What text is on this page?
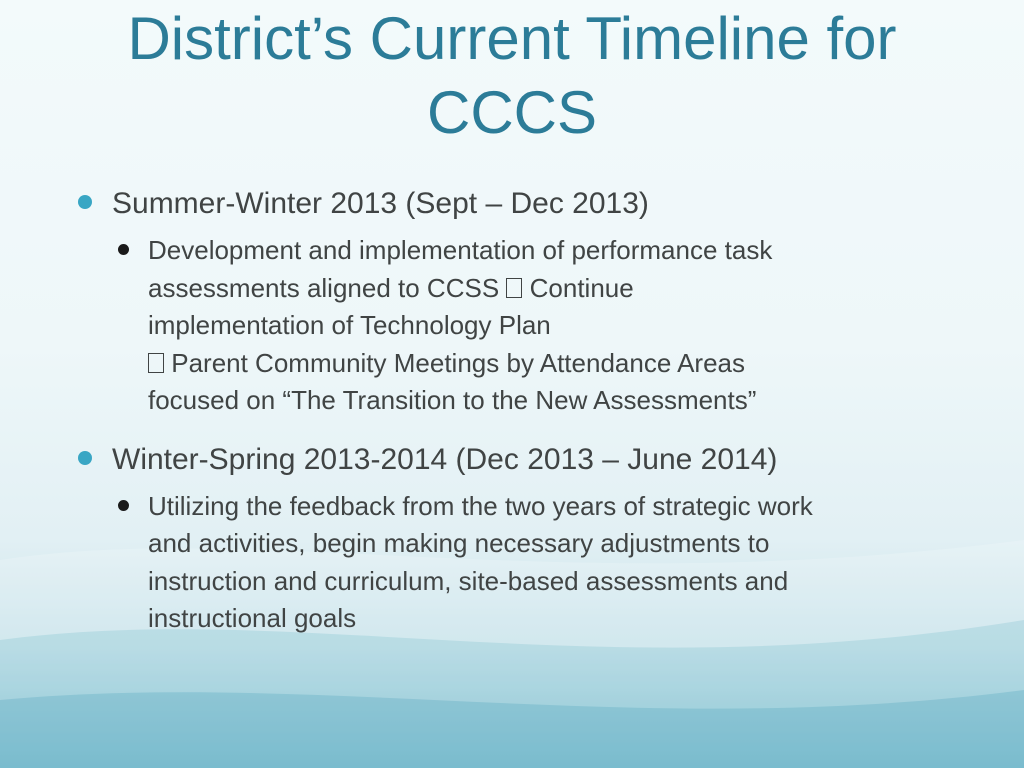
District’s Current Timeline for
CCCS
Summer-Winter 2013 (Sept – Dec 2013)
Development and implementation of performance task
assessments aligned to CCSS Continue
implementation of Technology Plan
Parent Community Meetings by Attendance Areas
focused on “The Transition to the New Assessments”
Winter-Spring 2013-2014 (Dec 2013 – June 2014)
Utilizing the feedback from the two years of strategic work
and activities, begin making necessary adjustments to
instruction and curriculum, site-based assessments and
instructional goals
